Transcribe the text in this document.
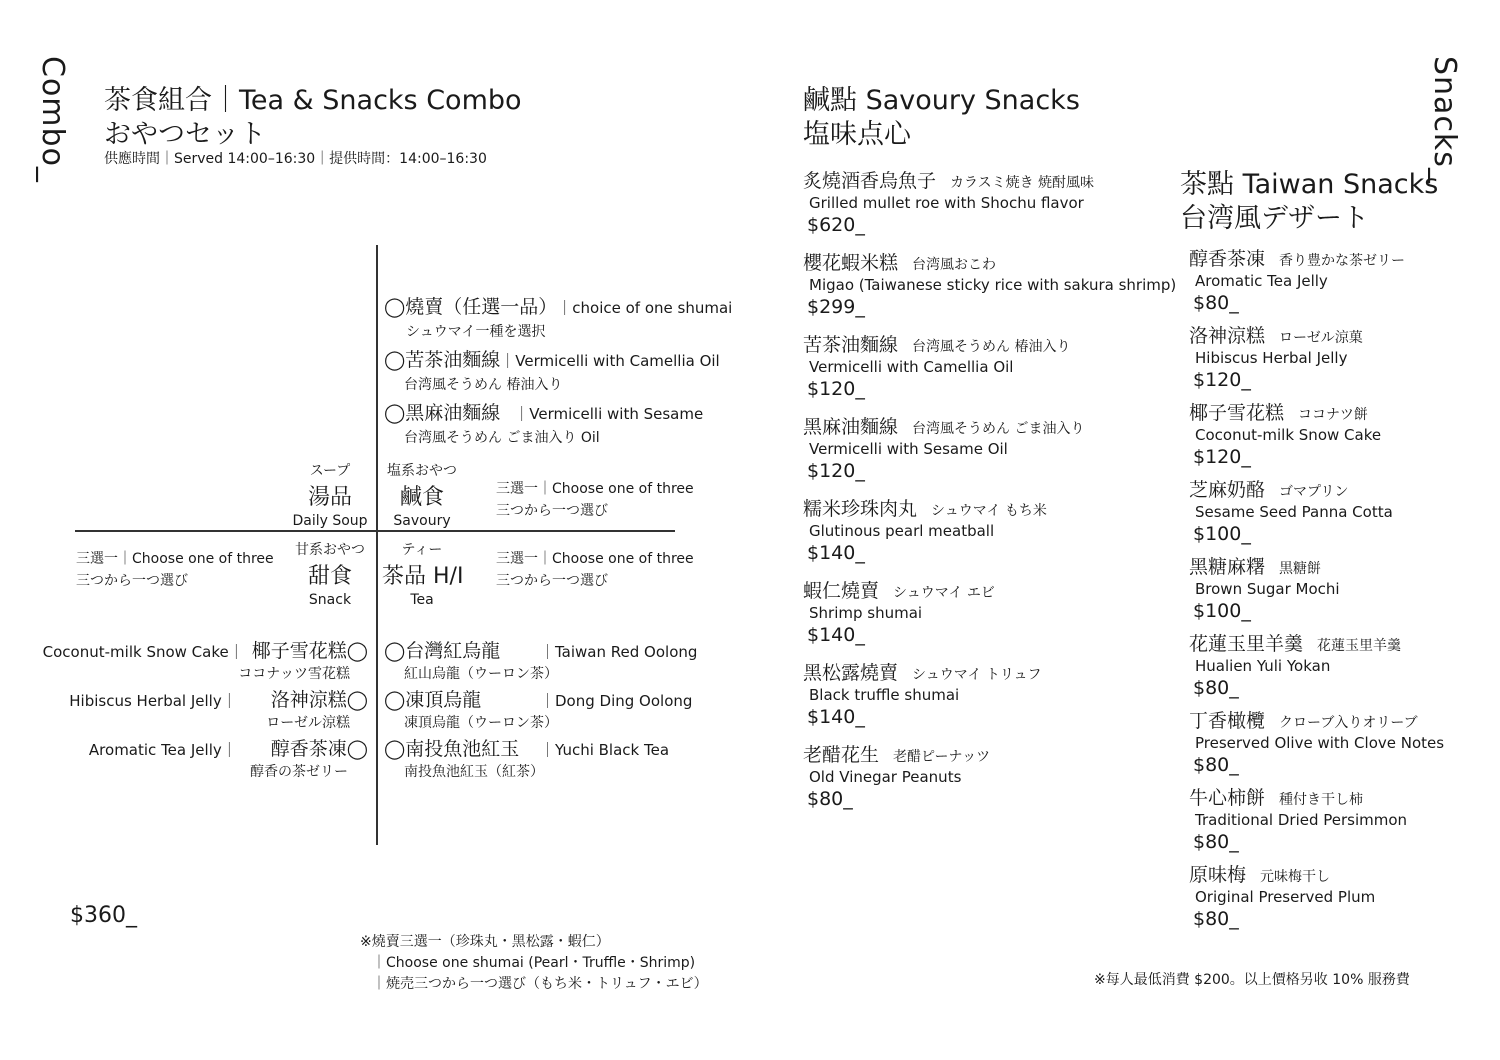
Combo_	Snacks_
茶食組合｜Tea & Snacks Combo
おやつセット
供應時間｜Served 14:00–16:30｜提供時間：14:00–16:30
◯燒賣（任選一品）｜choice of one shumai
シュウマイ一種を選択
◯苦茶油麵線｜Vermicelli with Camellia Oil
台湾風そうめん 椿油入り
◯黑麻油麵線 ｜Vermicelli with Sesame
台湾風そうめん ごま油入り Oil
スープ
湯品
Daily Soup
塩系おやつ
鹹食
Savoury
三選一｜Choose one of three
三つから一つ選び
三選一｜Choose one of three
三つから一つ選び
甘系おやつ
甜食
Snack
ティー
茶品 H/I
Tea
三選一｜Choose one of three
三つから一つ選び
Coconut-milk Snow Cake｜ 椰子雪花糕◯
ココナッツ雪花糕
Hibiscus Herbal Jelly｜ 洛神涼糕◯
ローゼル涼糕
Aromatic Tea Jelly｜ 醇香茶凍◯
醇香の茶ゼリー
◯台灣紅烏龍	｜Taiwan Red Oolong
紅山烏龍（ウーロン茶）
◯凍頂烏龍	｜Dong Ding Oolong
凍頂烏龍（ウーロン茶）
◯南投魚池紅玉 ｜Yuchi Black Tea
南投魚池紅玉（紅茶）
$360_
※燒賣三選一（珍珠丸・黑松露・蝦仁）
｜Choose one shumai (Pearl・Truffle・Shrimp)
｜焼売三つから一つ選び（もち米・トリュフ・エビ）
鹹點 Savoury Snacks
塩味点心
炙燒酒香烏魚子 カラスミ焼き 焼酎風味
Grilled mullet roe with Shochu flavor
$620_
櫻花蝦米糕 台湾風おこわ
Migao (Taiwanese sticky rice with sakura shrimp)
$299_
苦茶油麵線 台湾風そうめん 椿油入り
Vermicelli with Camellia Oil
$120_
黑麻油麵線 台湾風そうめん ごま油入り
Vermicelli with Sesame Oil
$120_
糯米珍珠肉丸 シュウマイ もち米
Glutinous pearl meatball
$140_
蝦仁燒賣 シュウマイ エビ
Shrimp shumai
$140_
黑松露燒賣 シュウマイ トリュフ
Black truffle shumai
$140_
老醋花生 老醋ピーナッツ
Old Vinegar Peanuts
$80_
茶點 Taiwan Snacks
台湾風デザート
醇香茶凍 香り豊かな茶ゼリー
Aromatic Tea Jelly
$80_
洛神涼糕 ローゼル涼菓
Hibiscus Herbal Jelly
$120_
椰子雪花糕 ココナツ餅
Coconut-milk Snow Cake
$120_
芝麻奶酪 ゴマプリン
Sesame Seed Panna Cotta
$100_
黑糖麻糬 黒糖餅
Brown Sugar Mochi
$100_
花蓮玉里羊羹 花蓮玉里羊羹
Hualien Yuli Yokan
$80_
丁香橄欖 クローブ入りオリーブ
Preserved Olive with Clove Notes
$80_
牛心柿餅 種付き干し柿
Traditional Dried Persimmon
$80_
原味梅 元味梅干し
Original Preserved Plum
$80_
※每人最低消費 $200。以上價格另收 10% 服務費
